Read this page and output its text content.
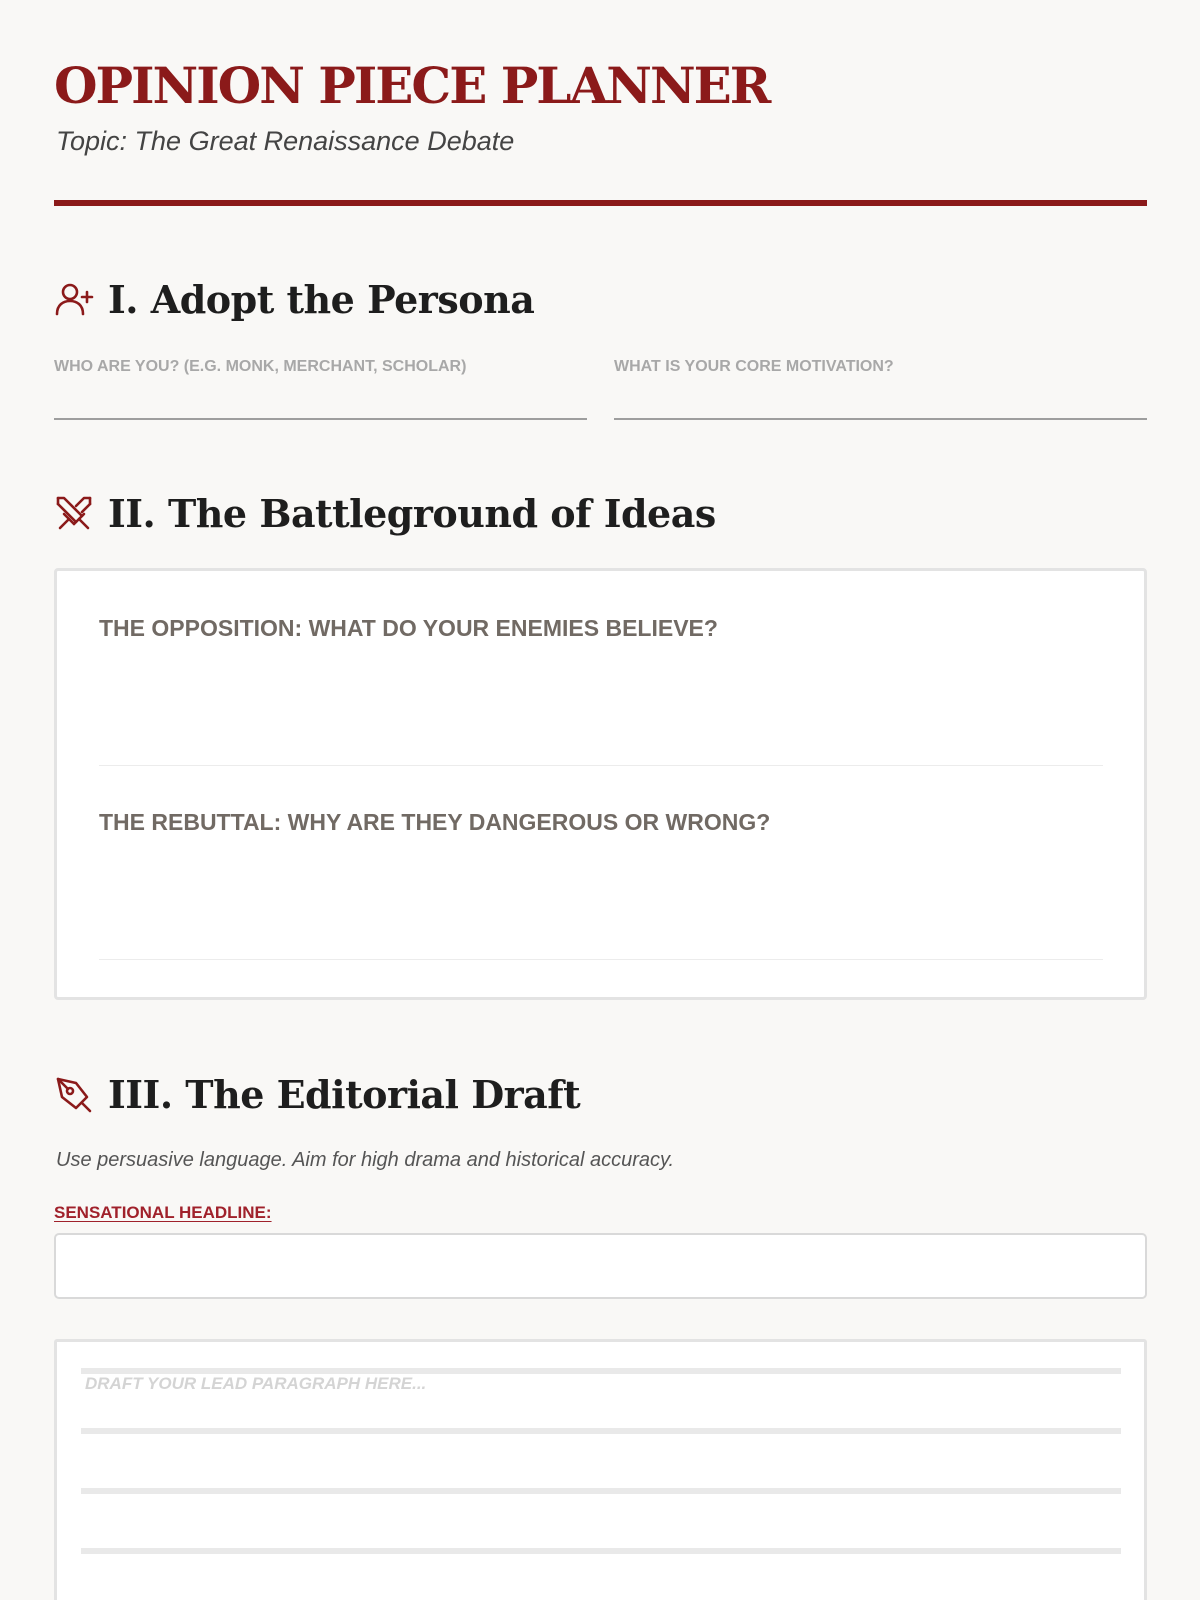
OPINION PIECE PLANNER
Topic: The Great Renaissance Debate
I. Adopt the Persona
WHO ARE YOU? (E.G. MONK, MERCHANT, SCHOLAR)	WHAT IS YOUR CORE MOTIVATION?
II. The Battleground of Ideas
THE OPPOSITION: WHAT DO YOUR ENEMIES BELIEVE?
THE REBUTTAL: WHY ARE THEY DANGEROUS OR WRONG?
III. The Editorial Draft
Use persuasive language. Aim for high drama and historical accuracy.
SENSATIONAL HEADLINE:
DRAFT YOUR LEAD PARAGRAPH HERE...
